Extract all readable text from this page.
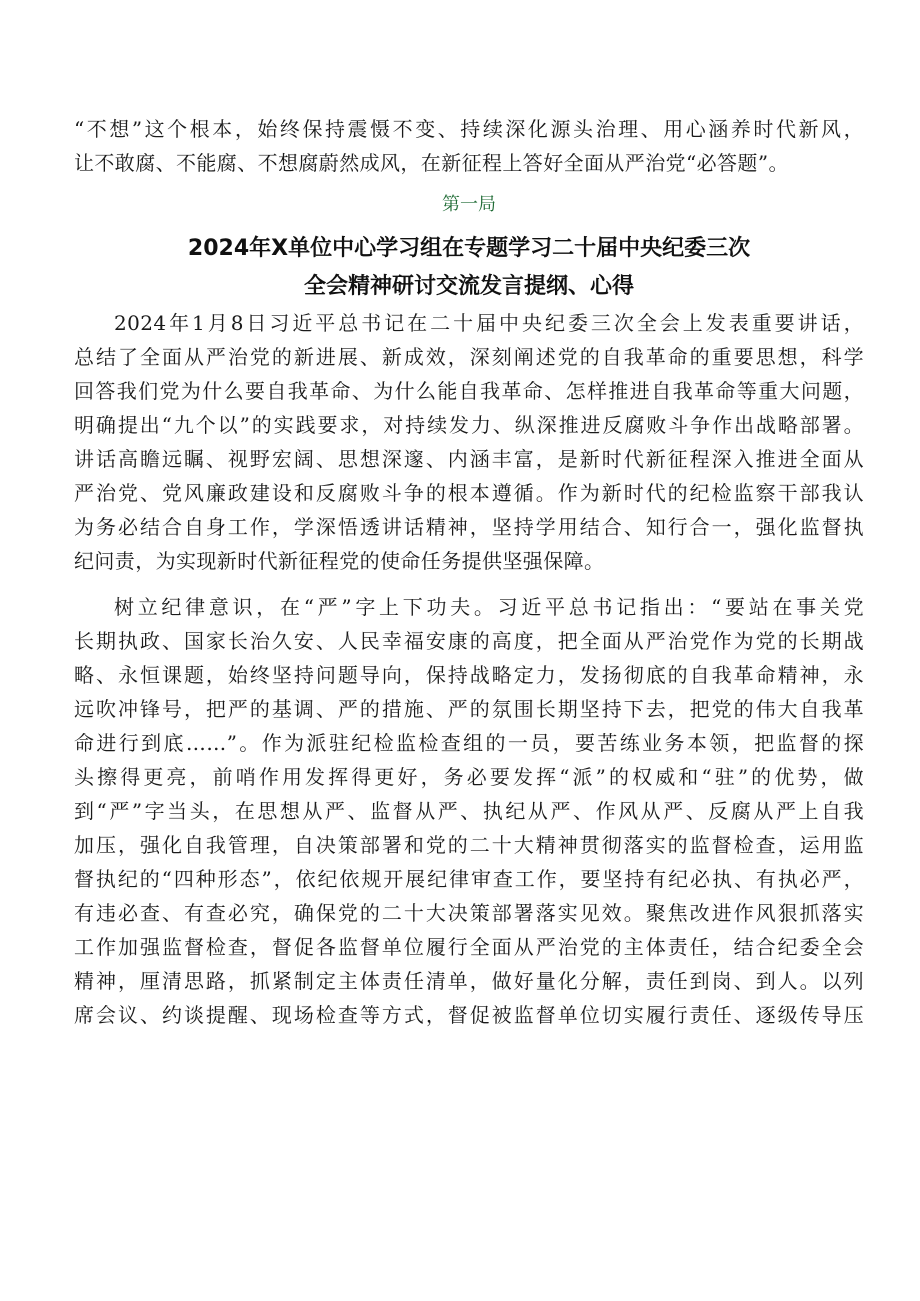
“不想”这个根本，始终保持震慑不变、持续深化源头治理、用心涵养时代新风，
让不敢腐、不能腐、不想腐蔚然成风，在新征程上答好全面从严治党“必答题”。
第一局
2024年X单位中心学习组在专题学习二十届中央纪委三次
全会精神研讨交流发言提纲、心得
2024年1月8日习近平总书记在二十届中央纪委三次全会上发表重要讲话，
总结了全面从严治党的新进展、新成效，深刻阐述党的自我革命的重要思想，科学
回答我们党为什么要自我革命、为什么能自我革命、怎样推进自我革命等重大问题，
明确提出“九个以”的实践要求，对持续发力、纵深推进反腐败斗争作出战略部署。
讲话高瞻远瞩、视野宏阔、思想深邃、内涵丰富，是新时代新征程深入推进全面从
严治党、党风廉政建设和反腐败斗争的根本遵循。作为新时代的纪检监察干部我认
为务必结合自身工作，学深悟透讲话精神，坚持学用结合、知行合一，强化监督执
纪问责，为实现新时代新征程党的使命任务提供坚强保障。
树立纪律意识，在“严”字上下功夫。习近平总书记指出：“要站在事关党
长期执政、国家长治久安、人民幸福安康的高度，把全面从严治党作为党的长期战
略、永恒课题，始终坚持问题导向，保持战略定力，发扬彻底的自我革命精神，永
远吹冲锋号，把严的基调、严的措施、严的氛围长期坚持下去，把党的伟大自我革
命进行到底……”。作为派驻纪检监检查组的一员，要苦练业务本领，把监督的探
头擦得更亮，前哨作用发挥得更好，务必要发挥“派”的权威和“驻”的优势，做
到“严”字当头，在思想从严、监督从严、执纪从严、作风从严、反腐从严上自我
加压，强化自我管理，自决策部署和党的二十大精神贯彻落实的监督检查，运用监
督执纪的“四种形态”，依纪依规开展纪律审查工作，要坚持有纪必执、有执必严，
有违必查、有查必究，确保党的二十大决策部署落实见效。聚焦改进作风狠抓落实
工作加强监督检查，督促各监督单位履行全面从严治党的主体责任，结合纪委全会
精神，厘清思路，抓紧制定主体责任清单，做好量化分解，责任到岗、到人。以列
席会议、约谈提醒、现场检查等方式，督促被监督单位切实履行责任、逐级传导压
